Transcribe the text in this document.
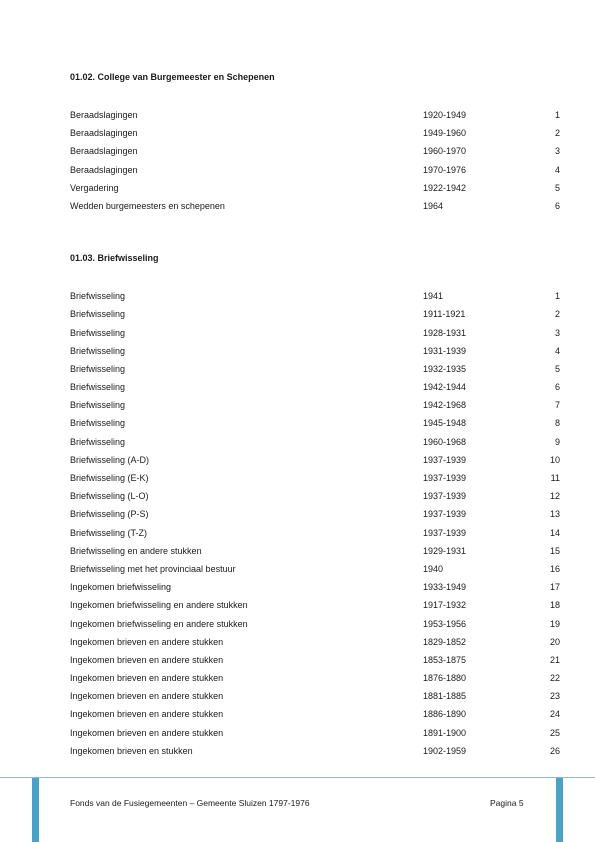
01.02. College van Burgemeester en Schepenen
Beraadslagingen	1920-1949	1
Beraadslagingen	1949-1960	2
Beraadslagingen	1960-1970	3
Beraadslagingen	1970-1976	4
Vergadering	1922-1942	5
Wedden burgemeesters en schepenen	1964	6
01.03. Briefwisseling
Briefwisseling	1941	1
Briefwisseling	1911-1921	2
Briefwisseling	1928-1931	3
Briefwisseling	1931-1939	4
Briefwisseling	1932-1935	5
Briefwisseling	1942-1944	6
Briefwisseling	1942-1968	7
Briefwisseling	1945-1948	8
Briefwisseling	1960-1968	9
Briefwisseling (A-D)	1937-1939	10
Briefwisseling (E-K)	1937-1939	11
Briefwisseling (L-O)	1937-1939	12
Briefwisseling (P-S)	1937-1939	13
Briefwisseling (T-Z)	1937-1939	14
Briefwisseling en andere stukken	1929-1931	15
Briefwisseling met het provinciaal bestuur	1940	16
Ingekomen briefwisseling	1933-1949	17
Ingekomen briefwisseling en andere stukken	1917-1932	18
Ingekomen briefwisseling en andere stukken	1953-1956	19
Ingekomen brieven en andere stukken	1829-1852	20
Ingekomen brieven en andere stukken	1853-1875	21
Ingekomen brieven en andere stukken	1876-1880	22
Ingekomen brieven en andere stukken	1881-1885	23
Ingekomen brieven en andere stukken	1886-1890	24
Ingekomen brieven en andere stukken	1891-1900	25
Ingekomen brieven en stukken	1902-1959	26
Fonds van de Fusiegemeenten – Gemeente Sluizen 1797-1976	Pagina 5
